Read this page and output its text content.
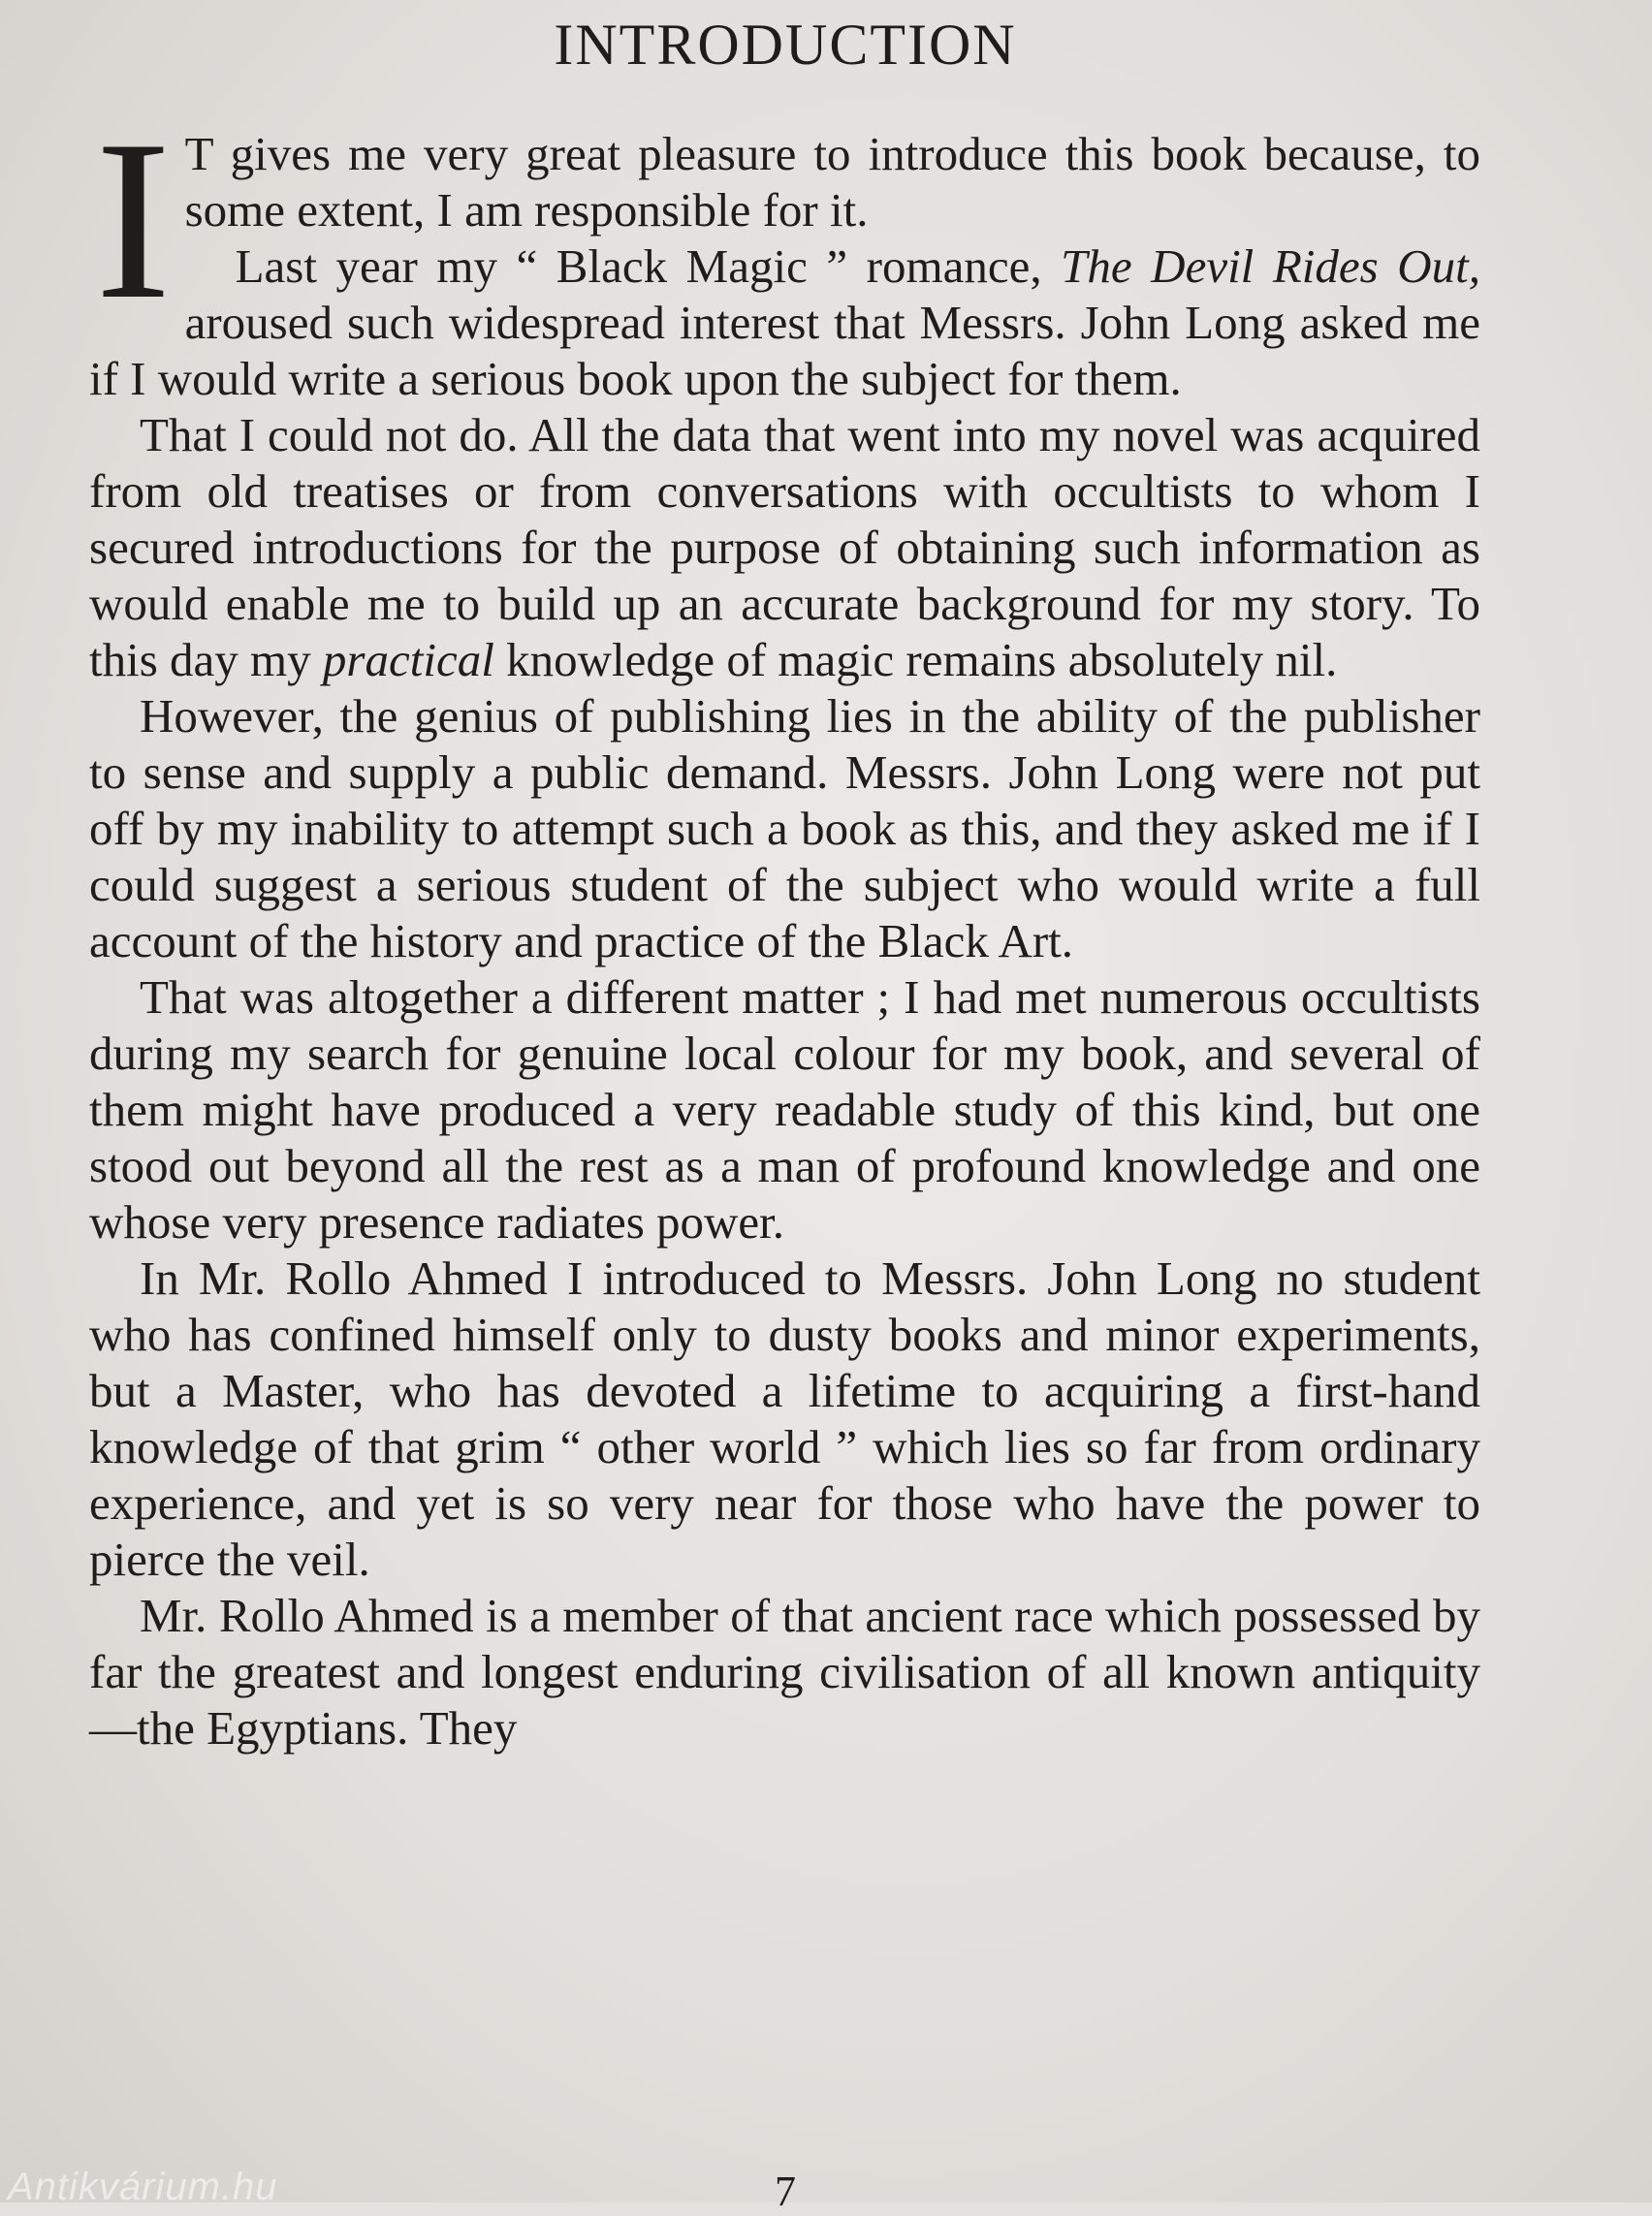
INTRODUCTION

I T gives me very great pleasure to introduce this book because, to some extent, I am responsible for it.

Last year my “ Black Magic ” romance, The Devil Rides Out, aroused such widespread interest that Messrs. John Long asked me if I would write a serious book upon the subject for them.

That I could not do. All the data that went into my novel was acquired from old treatises or from conversations with occultists to whom I secured introductions for the purpose of obtaining such information as would enable me to build up an accurate background for my story. To this day my practical knowledge of magic remains absolutely nil.

However, the genius of publishing lies in the ability of the publisher to sense and supply a public demand. Messrs. John Long were not put off by my inability to attempt such a book as this, and they asked me if I could suggest a serious student of the subject who would write a full account of the history and practice of the Black Art.

That was altogether a different matter ; I had met numerous occultists during my search for genuine local colour for my book, and several of them might have produced a very readable study of this kind, but one stood out beyond all the rest as a man of profound knowledge and one whose very presence radiates power.

In Mr. Rollo Ahmed I introduced to Messrs. John Long no student who has confined himself only to dusty books and minor experiments, but a Master, who has devoted a lifetime to acquiring a first-hand knowledge of that grim “ other world ” which lies so far from ordinary experience, and yet is so very near for those who have the power to pierce the veil.

Mr. Rollo Ahmed is a member of that ancient race which possessed by far the greatest and longest enduring civilisation of all known antiquity—the Egyptians. They

Antikvárium.hu	7
